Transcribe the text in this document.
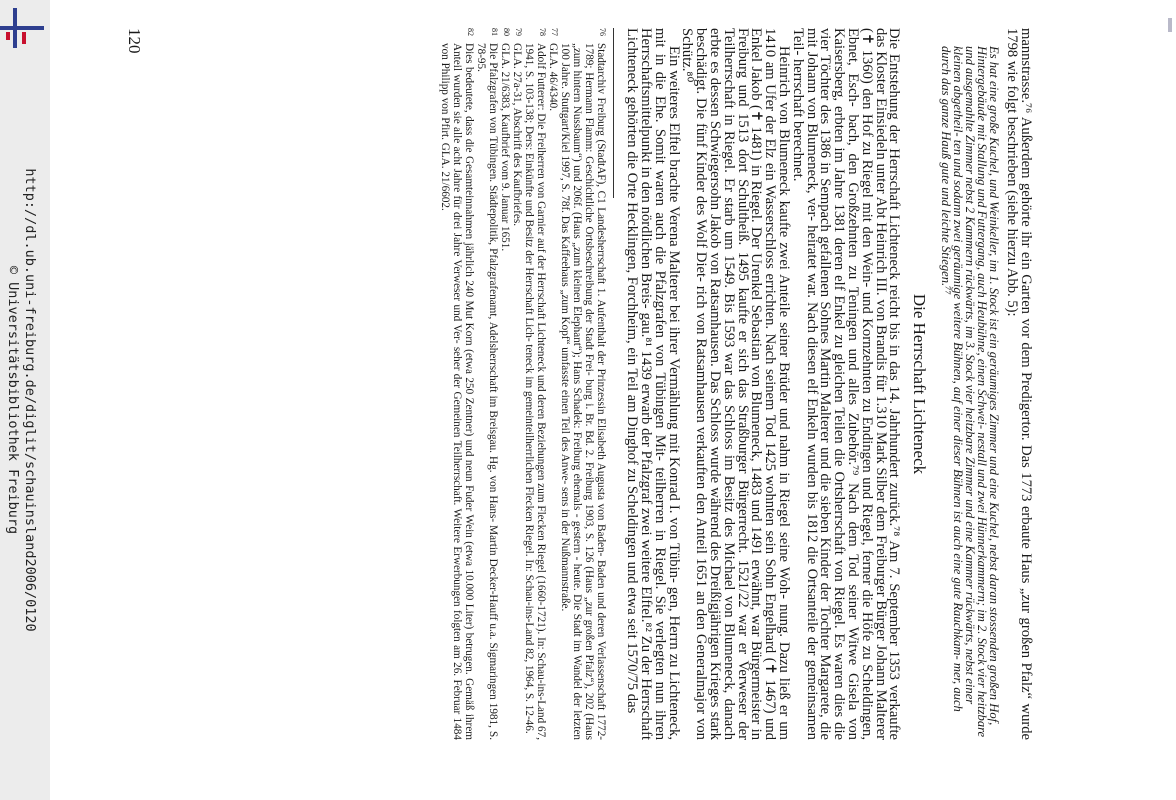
http://dl.ub.uni-freiburg.de/diglit/schauinsland2006/0120
© Universitätsbibliothek Freiburg	mannstrasse.⁷⁶ Außerdem gehörte ihr ein Garten vor dem Predigertor. Das 1773 erbaute Haus „zur großen Pfalz“ wurde 1798 wie folgt beschrieben (siehe hierzu Abb. 5):

Es hat eine große Kuchel, und Weinkeller, im 1. Stock ist ein geräumiges Zimmer und eine Kuchel, nebst daran stossenden großen Hof, Hintergebäude mit Stallung und Futtergang, auch Heubühne, einen Schwei- nestall und zwei Hünnerkammern; im 2. Stock vier heitzbare und ausgemahlte Zimmer nebst 2 Kammern rückwärts, im 3. Stock vier heitzbare Zimmer und eine Kammer rückwärts, nebst einer kleinen abgetheil- ten und sodann zwei geräumige weitere Bühnen, auf einer dieser Bühnen ist auch eine gute Rauchkam- mer, auch durch das ganze Hauß gute und leichte Stiegen.⁷⁷
Die Herrschaft Lichteneck

Die Entstehung der Herrschaft Lichteneck reicht bis in das 14. Jahrhundert zurück.⁷⁸ Am 7. September 1353 verkaufte das Kloster Einsiedeln unter Abt Heinrich III. von Brandis für 1.310 Mark Silber dem Freiburger Bürger Johann Malterer (✝ 1360) den Hof zu Riegel mit den Wein- und Kornzehnten zu Endingen und Riegel, ferner die Höfe zu Scheldingen, Ebnet, Esch- bach, den Großzehnten zu Teningen und alles Zubehör.⁷⁹ Nach dem Tod seiner Witwe Gisela von Kaisersberg, erbten im Jahre 1381 deren elf Enkel zu gleichen Teilen die Ortsherrschaft von Riegel. Es waren dies die vier Töchter des 1386 in Sempach gefallenen Sohnes Martin Malterer und die sieben Kinder der Tochter Margarete, die mit Johann von Blumeneck, ver- heiratet war. Nach diesen elf Enkeln wurden bis 1812 die Ortsanteile der gemeinsamen Teil- herrschaft berechnet.

Heinrich von Blumeneck kaufte zwei Anteile seiner Brüder und nahm in Riegel seine Woh- nung. Dazu ließ er um 1410 am Ufer der Elz ein Wasserschloss errichten. Nach seinem Tod 1425 wohnten sein Sohn Engelhard (✝ 1467) und Enkel Jakob (✝ 1481) in Riegel. Der Urenkel Sebastian von Blumeneck, 1483 und 1491 erwähnt, war Bürgermeister in Freiburg und 1513 dort Schultheiß. 1495 kaufte er sich das Straßburger Bürgerrecht. 1521/22 war er Verweser der Teilherrschaft in Riegel. Er starb um 1549. Bis 1593 war das Schloss im Besitz des Michael von Blumeneck, danach erbte es dessen Schwiegersohn Jakob von Ratsamhausen. Das Schloss wurde während des Dreißigjährigen Krieges stark beschädigt. Die fünf Kinder des Wolf Diet- rich von Ratsamhausen verkauften den Anteil 1651 an den Generalmajor von Schütz.⁸⁰

Ein weiteres Elftel brachte Verena Malterer bei ihrer Vermählung mit Konrad I. von Tübin- gen, Herrn zu Lichteneck, mit in die Ehe. Somit waren auch die Pfalzgrafen von Tübingen Mit- teilherren in Riegel. Sie verlegten nun ihren Herrschaftsmittelpunkt in den nördlichen Breis- gau.⁸¹ 1439 erwarb der Pfalzgraf zwei weitere Elftel.⁸² Zu der Herrschaft Lichteneck gehörten die Orte Hecklingen, Forchheim, ein Teil am Dinghof zu Scheldingen und etwa seit 1570/75 das

76
Stadtarchiv Freiburg (StadtAF), C1 Landesherrschaft 1. Aufenthalt der Prinzessin Elisabeth Augusta von Baden- Baden und deren Verlassenschaft 1772-1789; Hermann Flamm: Geschichtliche Ortsbeschreibung der Stadt Frei- burg i. Br. Bd. 2. Freiburg 1903, S. 126 (Haus „zur großen Pfalz“), 202 (Haus „zum hintern Nussbaum“) und 206f. (Haus „zum kleinen Elephant“); Hans Schadek: Freiburg ehemals - gestern - heute. Die Stadt im Wandel der letzten 100 Jahre. Stuttgart/Kiel 1997, S. 78f. Das Kaffeehaus „zum Kopf“ umfasste einen Teil des Anwe- sens in der Nußmannstraße.
77
GLA. 46/4340.
78
Adolf Futterer: Die Freiherren von Garnier auf der Herrschaft Lichteneck und deren Beziehungen zum Flecken Riegel (1660-1721). In: Schau-ins-Land 67, 1941, S. 103-138; Ders: Einkünfte und Besitz der Herrschaft Lich- teneck im gemeinteilherrlichen Flecken Riegel. In: Schau-ins-Land 82, 1964, S. 12-46.
79
GLA. 27a-31, Abschrift des Kaufbriefes.
80
GLA. 21/6383, Kaufbrief vom 9. Januar 1651.
81
Die Pfalzgrafen von Tübingen. Städtepolitik, Pfalzgrafenamt, Adelsherrschaft im Breisgau. Hg. von Hans- Martin Decker-Hauff u.a. Sigmaringen 1981, S. 78-95.
82
Dies bedeutete, dass die Gesamteinnahmen jährlich 240 Mut Korn (etwa 250 Zentner) und neun Fuder Wein (etwa 10.000 Liter) betrugen. Gemäß ihrem Anteil wurden sie alle acht Jahre für drei Jahre Verweser und Ver- seher der Gemeinen Teilherrschaft. Weitere Erwerbungen folgten am 26. Februar 1484 von Philipp von Pfirt. GLA. 21/6602.
120
